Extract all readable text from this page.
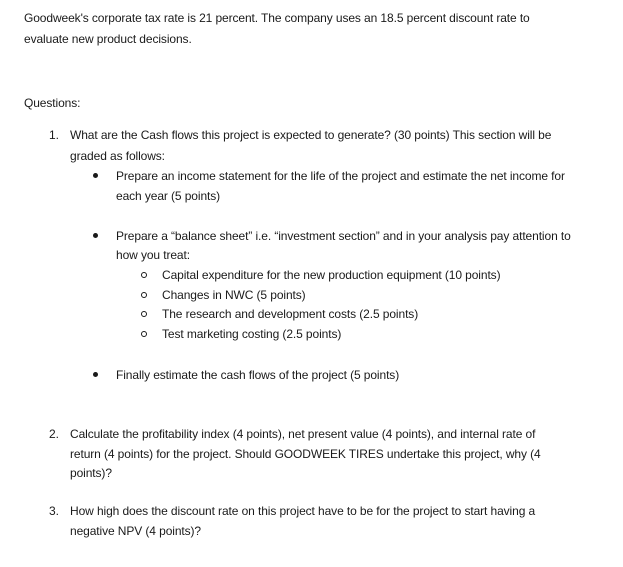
Goodweek's corporate tax rate is 21 percent. The company uses an 18.5 percent discount rate to
evaluate new product decisions.
Questions:
1. What are the Cash flows this project is expected to generate? (30 points) This section will be
graded as follows:
Prepare an income statement for the life of the project and estimate the net income for
each year (5 points)
Prepare a “balance sheet” i.e. “investment section” and in your analysis pay attention to
how you treat:
Capital expenditure for the new production equipment (10 points)
Changes in NWC (5 points)
The research and development costs (2.5 points)
Test marketing costing (2.5 points)
Finally estimate the cash flows of the project (5 points)
2. Calculate the profitability index (4 points), net present value (4 points), and internal rate of
return (4 points) for the project. Should GOODWEEK TIRES undertake this project, why (4
points)?
3. How high does the discount rate on this project have to be for the project to start having a
negative NPV (4 points)?
